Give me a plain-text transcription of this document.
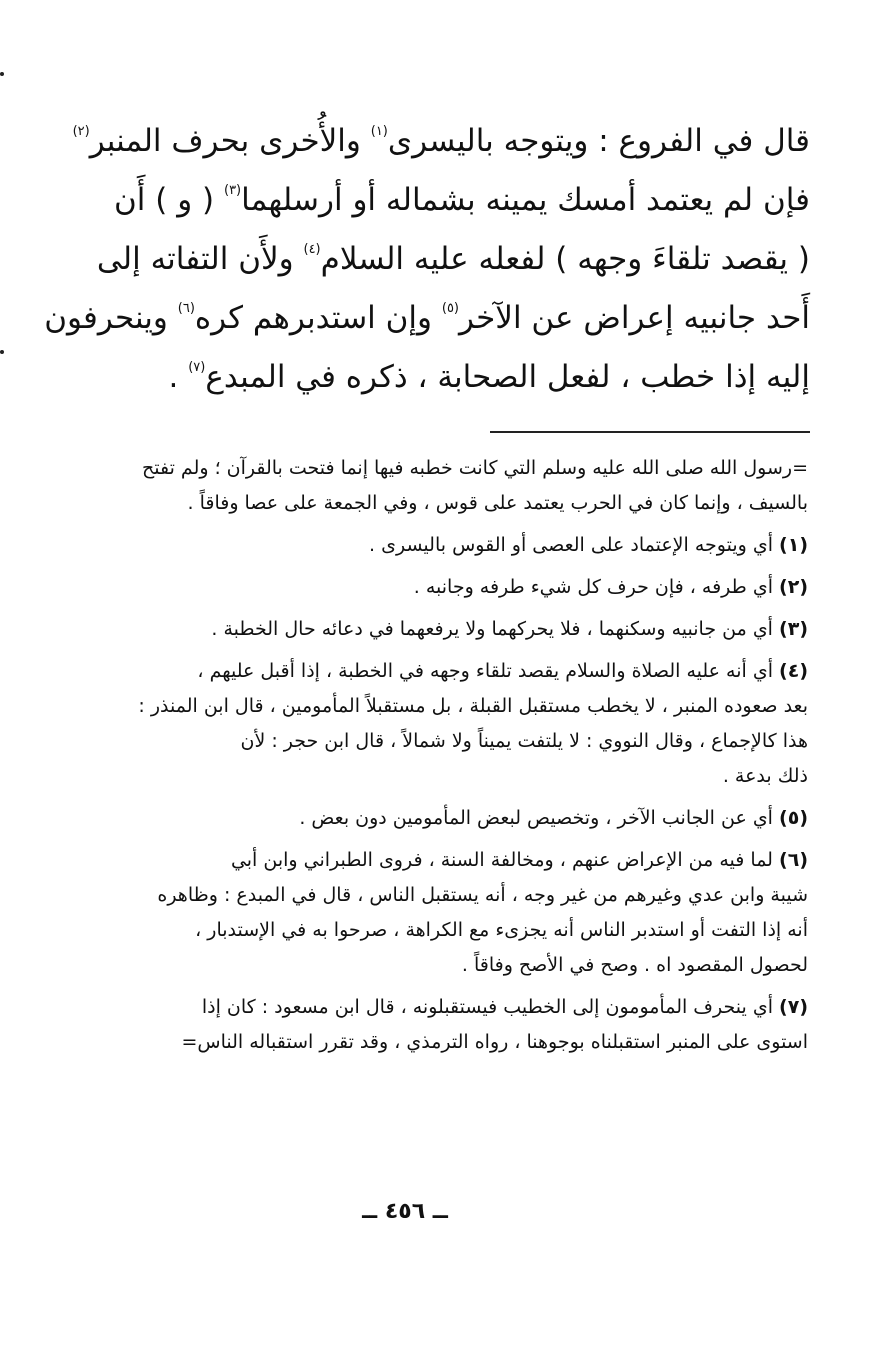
قال في الفروع : ويتوجه باليسرى$^{(١)}$ والأُخرى بحرف المنبر$^{(٢)}$
فإن لم يعتمد أمسك يمينه بشماله أو أرسلهما$^{(٣)}$ ( و ) أَن
( يقصد تلقاءَ وجهه ) لفعله عليه السلام$^{(٤)}$ ولأَن التفاته إلى
أَحد جانبيه إعراض عن الآخر$^{(٥)}$ وإن استدبرهم كره$^{(٦)}$ وينحرفون
إليه إذا خطب ، لفعل الصحابة ، ذكره في المبدع$^{(٧)}$ .
=رسول الله صلى الله عليه وسلم التي كانت خطبه فيها إنما فتحت بالقرآن ؛ ولم تفتح
بالسيف ، وإنما كان في الحرب يعتمد على قوس ، وفي الجمعة على عصا وفاقاً .
(١) أي ويتوجه الإعتماد على العصى أو القوس باليسرى .
(٢) أي طرفه ، فإن حرف كل شيء طرفه وجانبه .
(٣) أي من جانبيه وسكنهما ، فلا يحركهما ولا يرفعهما في دعائه حال الخطبة .
(٤) أي أنه عليه الصلاة والسلام يقصد تلقاء وجهه في الخطبة ، إذا أقبل عليهم ،
بعد صعوده المنبر ، لا يخطب مستقبل القبلة ، بل مستقبلاً المأمومين ، قال ابن المنذر :
هذا كالإجماع ، وقال النووي : لا يلتفت يميناً ولا شمالاً ، قال ابن حجر : لأن
ذلك بدعة .
(٥) أي عن الجانب الآخر ، وتخصيص لبعض المأمومين دون بعض .
(٦) لما فيه من الإعراض عنهم ، ومخالفة السنة ، فروى الطبراني وابن أبي
شيبة وابن عدي وغيرهم من غير وجه ، أنه يستقبل الناس ، قال في المبدع : وظاهره
أنه إذا التفت أو استدبر الناس أنه يجزىء مع الكراهة ، صرحوا به في الإستدبار ،
لحصول المقصود اه . وصح في الأصح وفاقاً .
(٧) أي ينحرف المأمومون إلى الخطيب فيستقبلونه ، قال ابن مسعود : كان إذا
استوى على المنبر استقبلناه بوجوهنا ، رواه الترمذي ، وقد تقرر استقباله الناس=
ــ ٤٥٦ ــ
